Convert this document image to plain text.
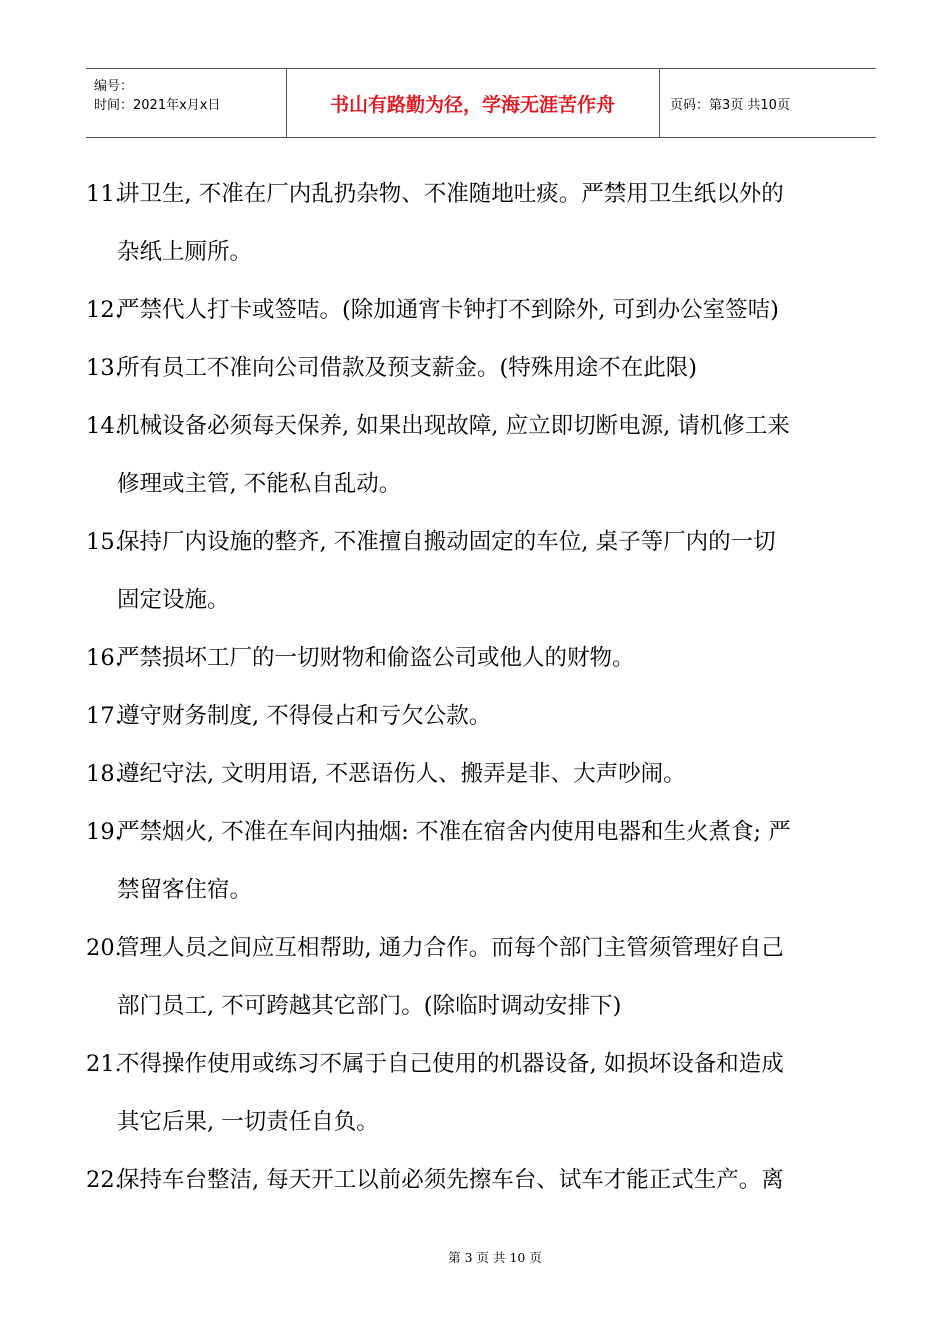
编号：
时间：2021年x月x日	书山有路勤为径，学海无涯苦作舟	页码：第3页 共10页
11.讲卫生, 不准在厂内乱扔杂物、不准随地吐痰。严禁用卫生纸以外的
杂纸上厕所。
12.严禁代人打卡或签咭。(除加通宵卡钟打不到除外, 可到办公室签咭)
13.所有员工不准向公司借款及预支薪金。(特殊用途不在此限)
14.机械设备必须每天保养, 如果出现故障, 应立即切断电源, 请机修工来
修理或主管, 不能私自乱动。
15.保持厂内设施的整齐, 不准擅自搬动固定的车位, 桌子等厂内的一切
固定设施。
16.严禁损坏工厂的一切财物和偷盗公司或他人的财物。
17.遵守财务制度, 不得侵占和亏欠公款。
18.遵纪守法, 文明用语, 不恶语伤人、搬弄是非、大声吵闹。
19.严禁烟火, 不准在车间内抽烟: 不准在宿舍内使用电器和生火煮食; 严
禁留客住宿。
20.管理人员之间应互相帮助, 通力合作。而每个部门主管须管理好自己
部门员工, 不可跨越其它部门。(除临时调动安排下)
21.不得操作使用或练习不属于自己使用的机器设备, 如损坏设备和造成
其它后果, 一切责任自负。
22.保持车台整洁, 每天开工以前必须先擦车台、试车才能正式生产。离
第 3 页 共 10 页
